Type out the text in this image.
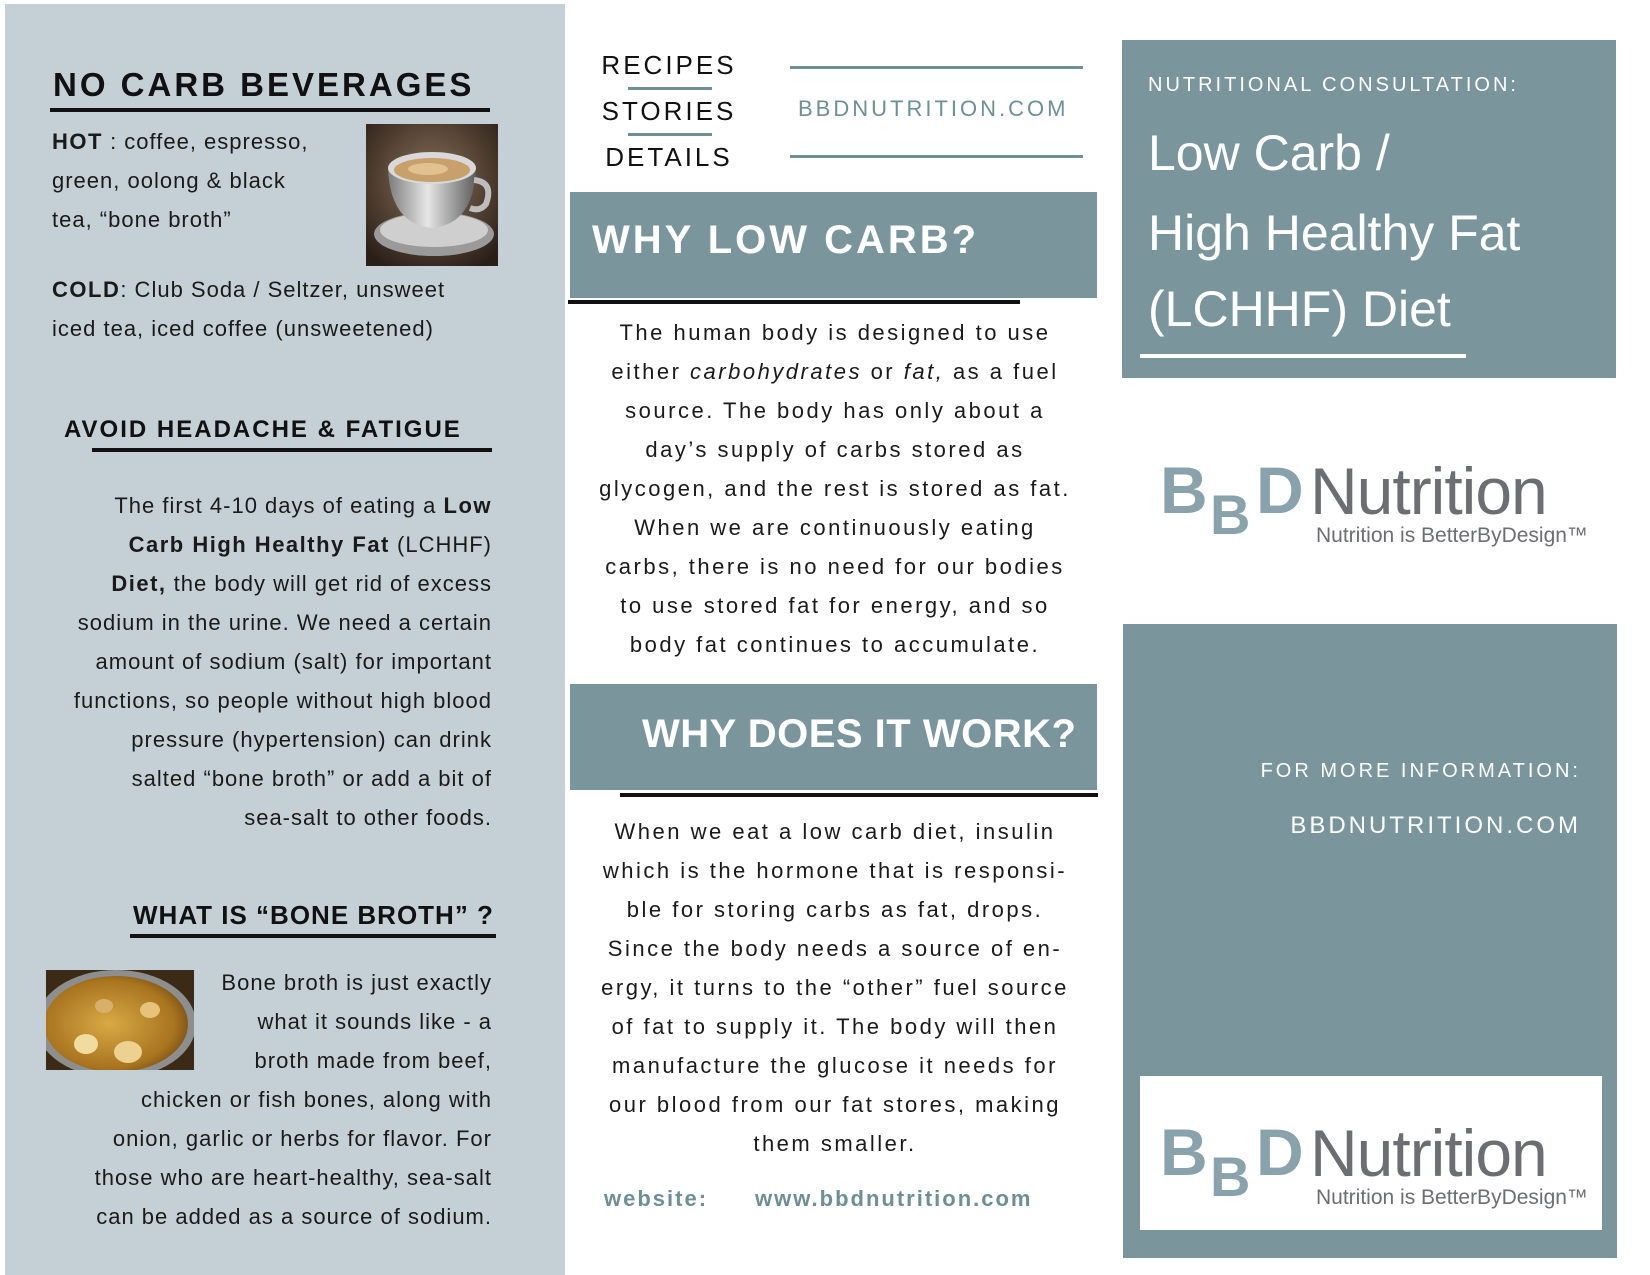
NO CARB BEVERAGES
HOT : coffee, espresso,
green, oolong & black
tea, “bone broth”
COLD: Club Soda / Seltzer, unsweet
iced tea, iced coffee (unsweetened)
AVOID HEADACHE & FATIGUE
The first 4-10 days of eating a Low
Carb High Healthy Fat (LCHHF)
Diet, the body will get rid of excess
sodium in the urine. We need a certain
amount of sodium (salt) for important
functions, so people without high blood
pressure (hypertension) can drink
salted “bone broth” or add a bit of
sea-salt to other foods.
WHAT IS “BONE BROTH” ?
Bone broth is just exactly
what it sounds like - a
broth made from beef,
chicken or fish bones, along with
onion, garlic or herbs for flavor. For
those who are heart-healthy, sea-salt
can be added as a source of sodium.
RECIPES
STORIES
DETAILS
BBDNUTRITION.COM
WHY LOW CARB?
The human body is designed to use
either carbohydrates or fat, as a fuel
source. The body has only about a
day’s supply of carbs stored as
glycogen, and the rest is stored as fat.
When we are continuously eating
carbs, there is no need for our bodies
to use stored fat for energy, and so
body fat continues to accumulate.
WHY DOES IT WORK?
When we eat a low carb diet, insulin
which is the hormone that is responsi-
ble for storing carbs as fat, drops.
Since the body needs a source of en-
ergy, it turns to the “other” fuel source
of fat to supply it. The body will then
manufacture the glucose it needs for
our blood from our fat stores, making
them smaller.
website: www.bbdnutrition.com
NUTRITIONAL CONSULTATION:
Low Carb /
High Healthy Fat
(LCHHF) Diet
B B D Nutrition
Nutrition is BetterByDesign™
FOR MORE INFORMATION:
BBDNUTRITION.COM
B B D Nutrition
Nutrition is BetterByDesign™
